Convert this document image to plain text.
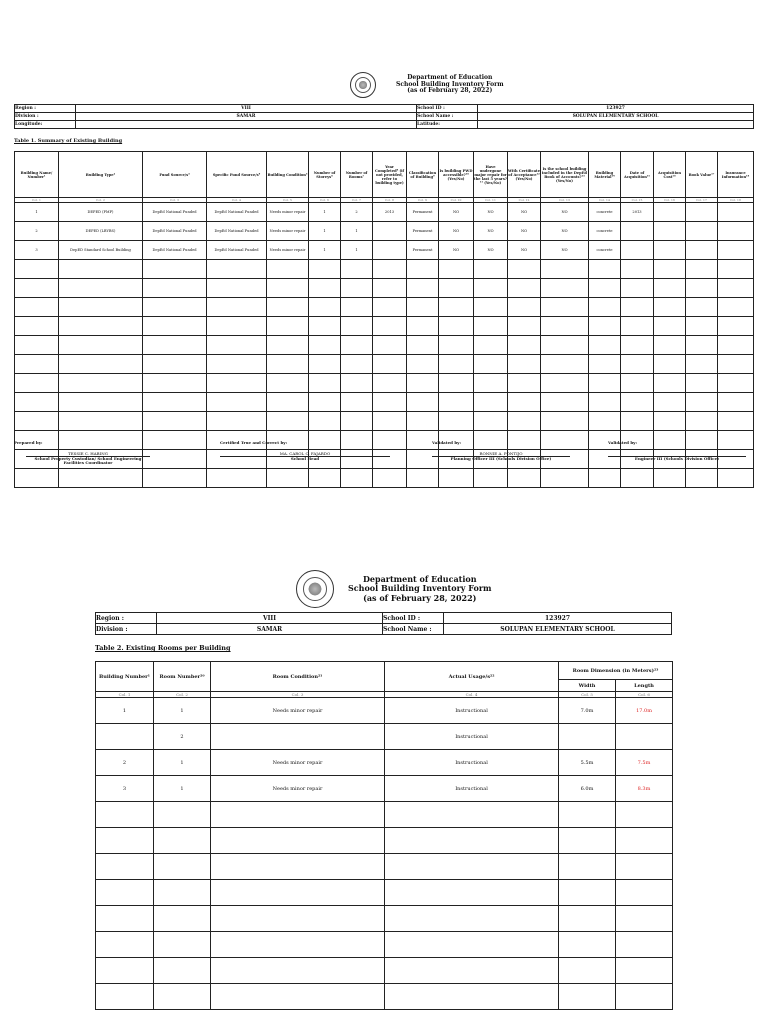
Department of Education
School Building Inventory Form
(as of February 28, 2022)
Region :	VIII	School ID :	123927
Division :	SAMAR	School Name :	SOLUPAN ELEMENTARY SCHOOL
Longitude:		Latitude:	
Table 1. Summary of Existing Building
Building Name/ Number¹	Building Type²	Fund Source/s³	Specific Fund Source/s⁴	Building Condition⁵	Number of Storeys⁶	Number of Rooms⁷	Year Completed⁸ (if not provided, refer to building type)	Classification of Building⁹	Is building PWD accessible?¹⁰ (Yes/No)	Have undergone major repair for the last 5 years?¹¹ (Yes/No)	With Certificate of Acceptance¹² (Yes/No)	Is the school building included in the DepÉd Book of Accounts?¹³ (Yes/No)	Building Material¹⁴	Date of Acquisition¹⁵	Acquisition Cost¹⁶	Book Value¹⁷	Insurance Information¹⁸
Col. 1	Col. 2	Col. 3	Col. 4	Col. 5	Col. 6	Col. 7	Col. 8	Col. 9	Col. 10	Col. 11	Col. 12	Col. 13	Col. 14	Col. 15	Col. 16	Col. 17	Col. 18
1	DEPED (PMP)	DepEd National Funded	DepEd National Funded	Needs minor repair	1	2	2013	Permanent	NO	NO	NO	NO	concrete	2013			
2	DEPED (LBYBS)	DepEd National Funded	DepEd National Funded	Needs minor repair	1	1		Permanent	NO	NO	NO	NO	concrete				
3	DepED Standard School Building	DepEd National Funded	DepEd National Funded	Needs minor repair	1	1		Permanent	NO	NO	NO	NO	concrete				

Prepared by:
TESSIE C. HABING
School Property Custodian/ School Engineering Facilities Coordinator
Certified True and Correct by:
MA. CAROL C. FAJARDO
School Head
Validated by:
RONNIE A. PONTIJO
Planning Officer III (Schools Division Office)
Validated by:
Engineer III (Schools Division Office)
Department of Education
School Building Inventory Form
(as of February 28, 2022)
Region :	VIII	School ID :	123927
Division :	SAMAR	School Name :	SOLUPAN ELEMENTARY SCHOOL
Table 2. Existing Rooms per Building
Building Number¹	Room Number²⁰	Room Condition²¹	Actual Usage/s²²	Room Dimension (in Meters)²³	
				Width	Length
Col. 1	Col. 2	Col. 3	Col. 4	Col. 5	Col. 6
1	1	Needs minor repair	Instructional	7.0m	17.0m
	2		Instructional		
2	1	Needs minor repair	Instructional	5.5m	7.5m
3	1	Needs minor repair	Instructional	6.0m	8.3m
